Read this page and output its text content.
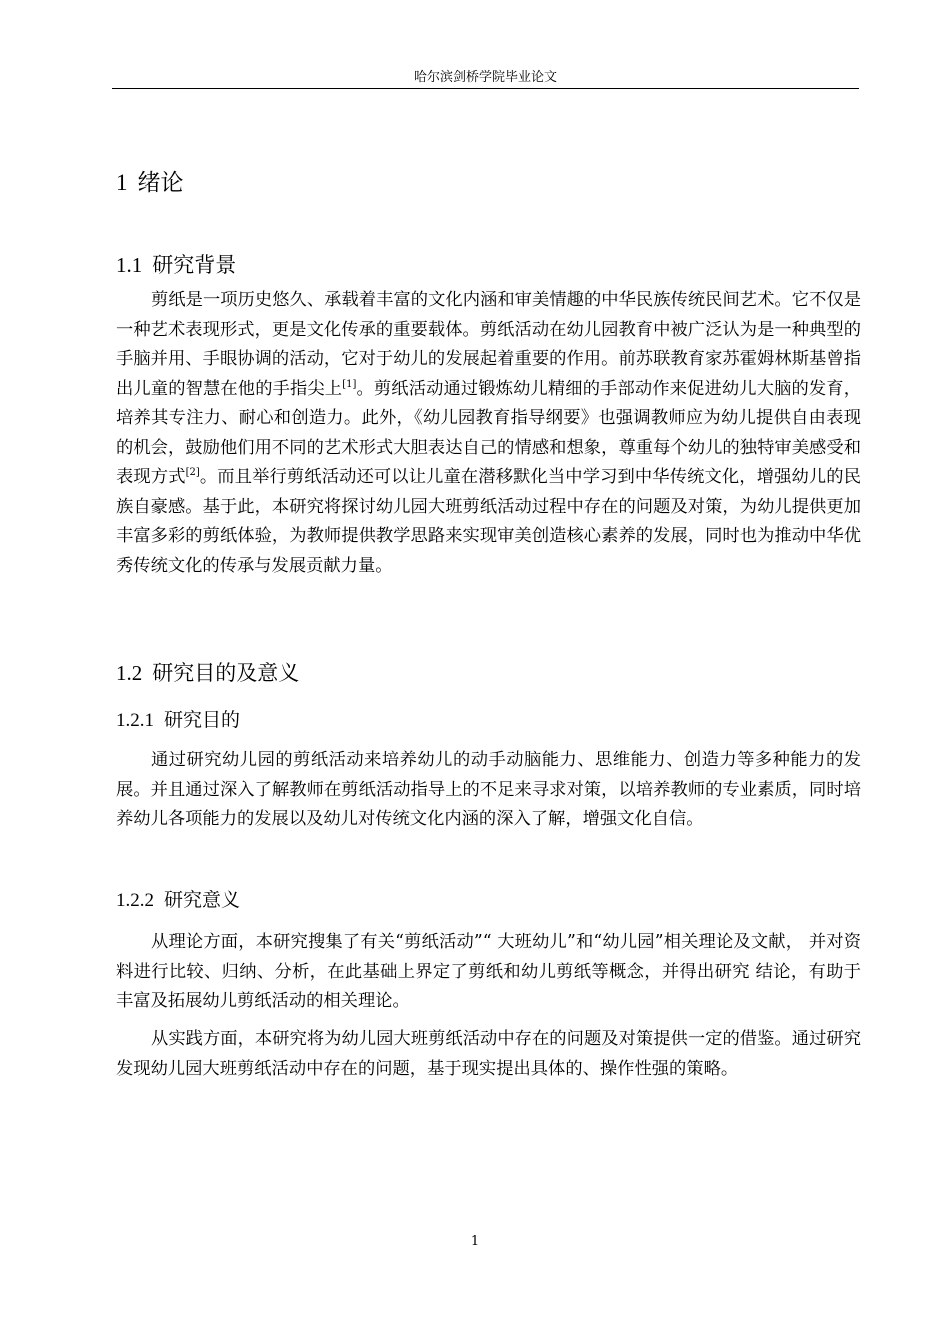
哈尔滨剑桥学院毕业论文
1 绪论
1.1 研究背景

剪纸是一项历史悠久、承载着丰富的文化内涵和审美情趣的中华民族传统民间艺术。它不仅是一种艺术表现形式，更是文化传承的重要载体。剪纸活动在幼儿园教育中被广泛认为是一种典型的手脑并用、手眼协调的活动，它对于幼儿的发展起着重要的作用。前苏联教育家苏霍姆林斯基曾指出儿童的智慧在他的手指尖上[1]。剪纸活动通过锻炼幼儿精细的手部动作来促进幼儿大脑的发育，培养其专注力、耐心和创造力。此外，《幼儿园教育指导纲要》也强调教师应为幼儿提供自由表现的机会，鼓励他们用不同的艺术形式大胆表达自己的情感和想象，尊重每个幼儿的独特审美感受和表现方式[2]。而且举行剪纸活动还可以让儿童在潜移默化当中学习到中华传统文化，增强幼儿的民族自豪感。基于此，本研究将探讨幼儿园大班剪纸活动过程中存在的问题及对策，为幼儿提供更加丰富多彩的剪纸体验，为教师提供教学思路来实现审美创造核心素养的发展，同时也为推动中华优秀传统文化的传承与发展贡献力量。

1.2 研究目的及意义
1.2.1 研究目的

通过研究幼儿园的剪纸活动来培养幼儿的动手动脑能力、思维能力、创造力等多种能力的发展。并且通过深入了解教师在剪纸活动指导上的不足来寻求对策，以培养教师的专业素质，同时培养幼儿各项能力的发展以及幼儿对传统文化内涵的深入了解，增强文化自信。

1.2.2 研究意义

从理论方面，本研究搜集了有关“剪纸活动”“ 大班幼儿”和“幼儿园”相关理论及文献， 并对资料进行比较、归纳、分析，在此基础上界定了剪纸和幼儿剪纸等概念，并得出研究 结论，有助于丰富及拓展幼儿剪纸活动的相关理论。

从实践方面，本研究将为幼儿园大班剪纸活动中存在的问题及对策提供一定的借鉴。通过研究发现幼儿园大班剪纸活动中存在的问题，基于现实提出具体的、操作性强的策略。

1
